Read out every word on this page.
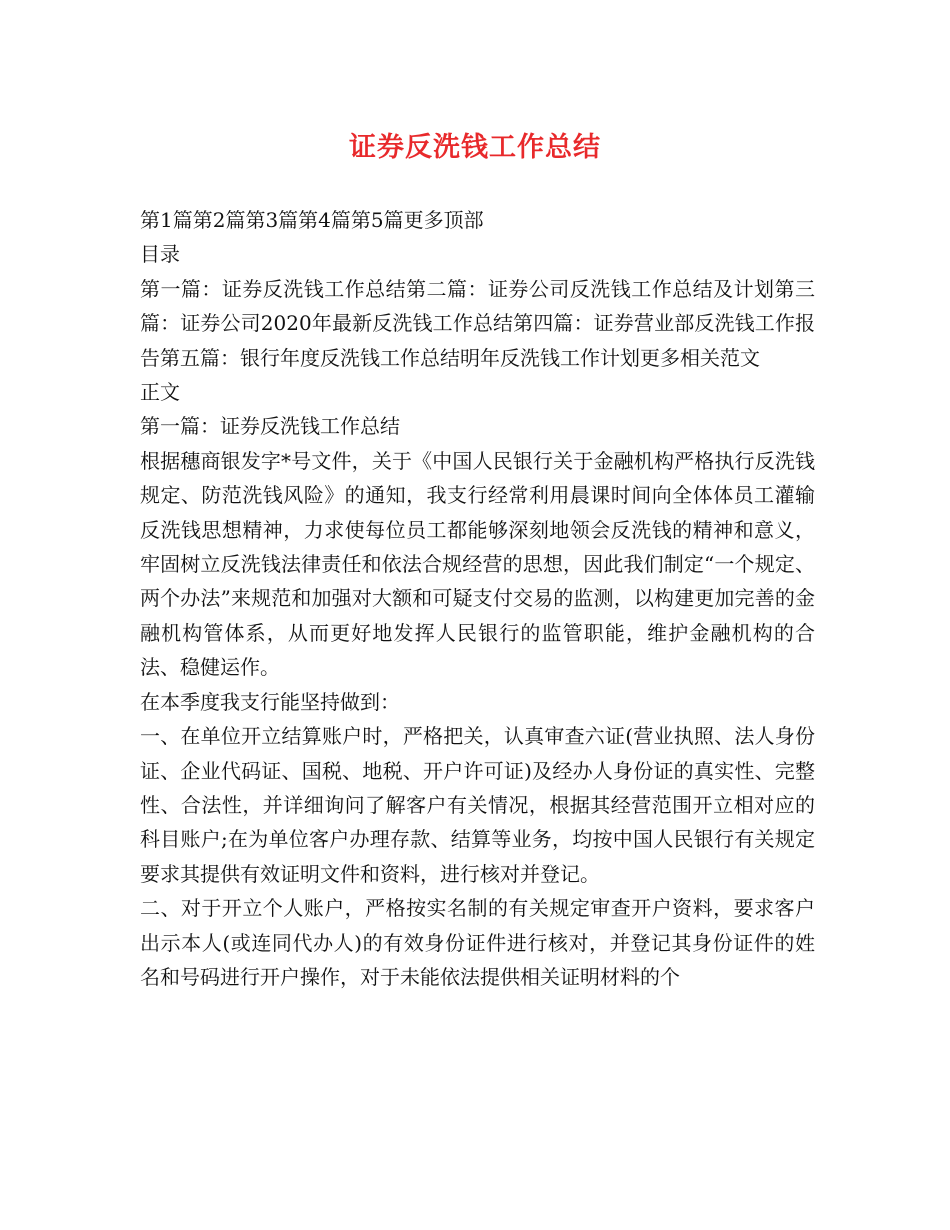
证券反洗钱工作总结

第1篇第2篇第3篇第4篇第5篇更多顶部

目录

第一篇：证券反洗钱工作总结第二篇：证券公司反洗钱工作总结及计划第三篇：证券公司2020年最新反洗钱工作总结第四篇：证券营业部反洗钱工作报告第五篇：银行年度反洗钱工作总结明年反洗钱工作计划更多相关范文

正文

第一篇：证券反洗钱工作总结

根据穗商银发字*号文件，关于《中国人民银行关于金融机构严格执行反洗钱规定、防范洗钱风险》的通知，我支行经常利用晨课时间向全体体员工灌输反洗钱思想精神，力求使每位员工都能够深刻地领会反洗钱的精神和意义，牢固树立反洗钱法律责任和依法合规经营的思想，因此我们制定“一个规定、两个办法”来规范和加强对大额和可疑支付交易的监测，以构建更加完善的金融机构管体系，从而更好地发挥人民银行的监管职能，维护金融机构的合法、稳健运作。

在本季度我支行能坚持做到：

一、在单位开立结算账户时，严格把关，认真审查六证(营业执照、法人身份证、企业代码证、国税、地税、开户许可证)及经办人身份证的真实性、完整性、合法性，并详细询问了解客户有关情况，根据其经营范围开立相对应的科目账户;在为单位客户办理存款、结算等业务，均按中国人民银行有关规定要求其提供有效证明文件和资料，进行核对并登记。

二、对于开立个人账户，严格按实名制的有关规定审查开户资料，要求客户出示本人(或连同代办人)的有效身份证件进行核对，并登记其身份证件的姓名和号码进行开户操作，对于未能依法提供相关证明材料的个
